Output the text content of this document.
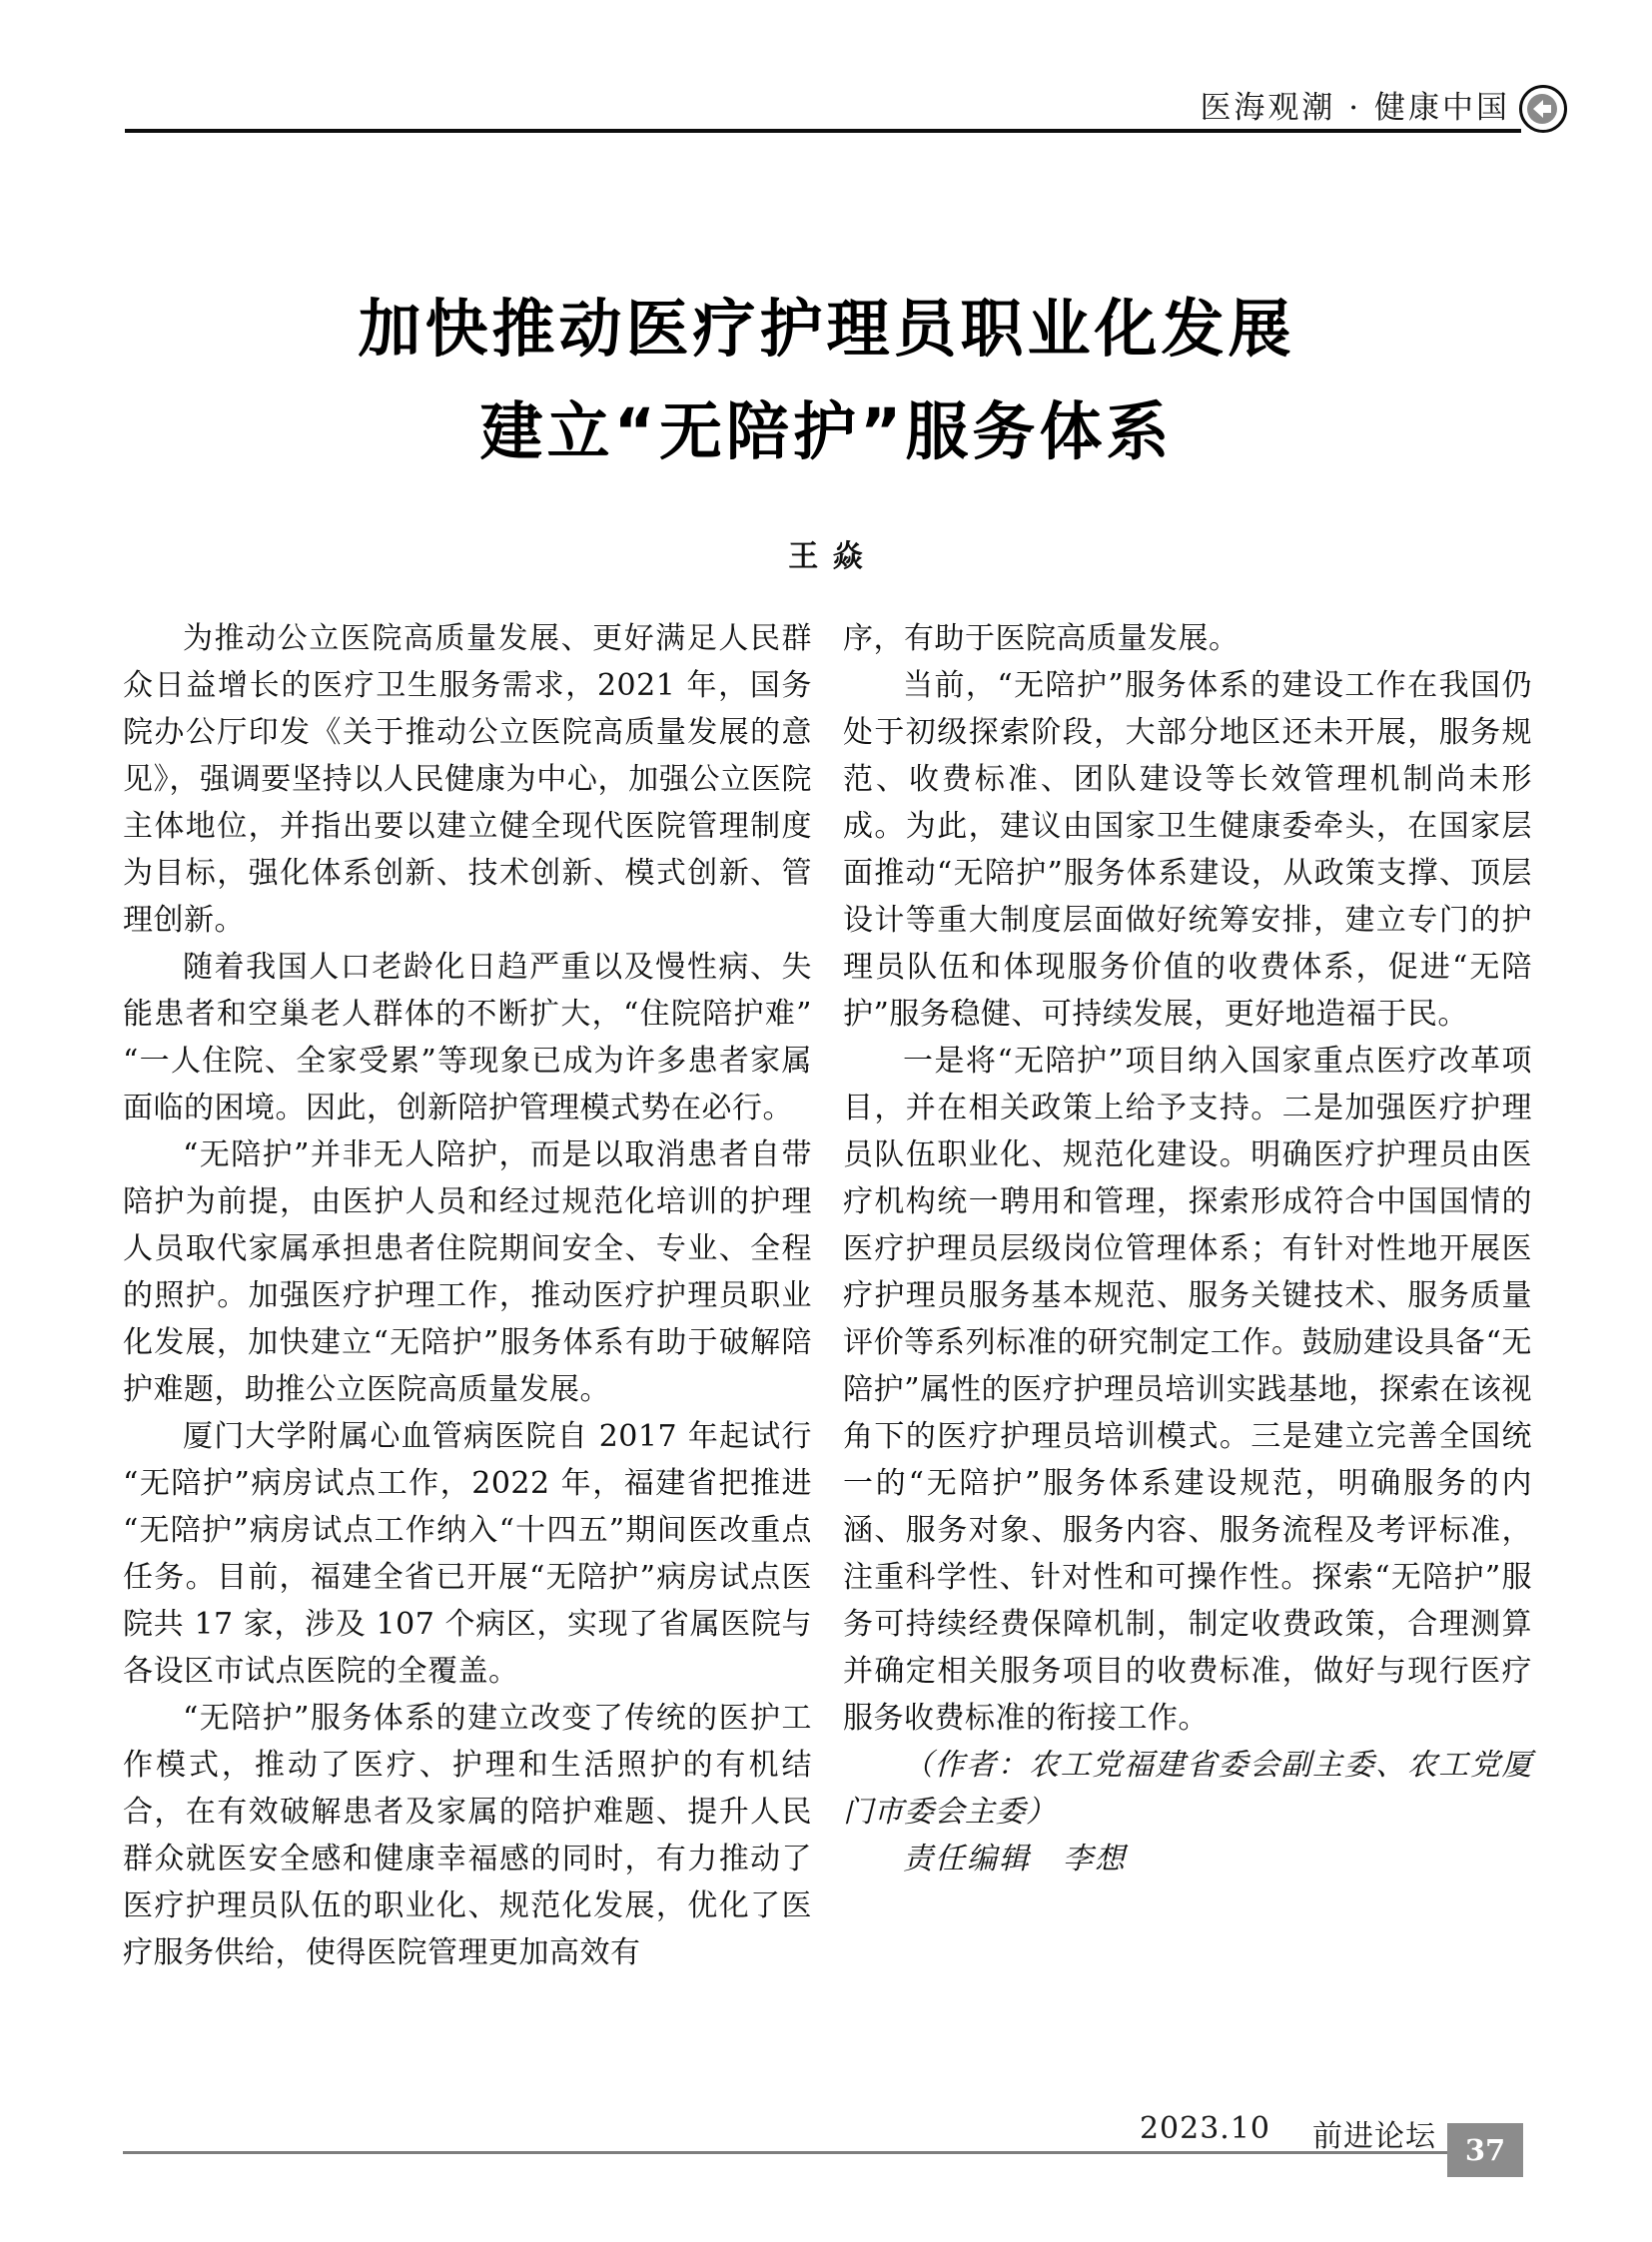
医海观潮 · 健康中国
加快推动医疗护理员职业化发展
建立“无陪护”服务体系
王 焱

为推动公立医院高质量发展、更好满足人民群众日益增长的医疗卫生服务需求，2021 年，国务院办公厅印发《关于推动公立医院高质量发展的意见》，强调要坚持以人民健康为中心，加强公立医院主体地位，并指出要以建立健全现代医院管理制度为目标，强化体系创新、技术创新、模式创新、管理创新。

随着我国人口老龄化日趋严重以及慢性病、失能患者和空巢老人群体的不断扩大，“住院陪护难”“一人住院、全家受累”等现象已成为许多患者家属面临的困境。因此，创新陪护管理模式势在必行。

“无陪护”并非无人陪护，而是以取消患者自带陪护为前提，由医护人员和经过规范化培训的护理人员取代家属承担患者住院期间安全、专业、全程的照护。加强医疗护理工作，推动医疗护理员职业化发展，加快建立“无陪护”服务体系有助于破解陪护难题，助推公立医院高质量发展。

厦门大学附属心血管病医院自 2017 年起试行“无陪护”病房试点工作，2022 年，福建省把推进“无陪护”病房试点工作纳入“十四五”期间医改重点任务。目前，福建全省已开展“无陪护”病房试点医院共 17 家，涉及 107 个病区，实现了省属医院与各设区市试点医院的全覆盖。

“无陪护”服务体系的建立改变了传统的医护工作模式，推动了医疗、护理和生活照护的有机结合，在有效破解患者及家属的陪护难题、提升人民群众就医安全感和健康幸福感的同时，有力推动了医疗护理员队伍的职业化、规范化发展，优化了医疗服务供给，使得医院管理更加高效有

序，有助于医院高质量发展。

当前，“无陪护”服务体系的建设工作在我国仍处于初级探索阶段，大部分地区还未开展，服务规范、收费标准、团队建设等长效管理机制尚未形成。为此，建议由国家卫生健康委牵头，在国家层面推动“无陪护”服务体系建设，从政策支撑、顶层设计等重大制度层面做好统筹安排，建立专门的护理员队伍和体现服务价值的收费体系，促进“无陪护”服务稳健、可持续发展，更好地造福于民。

一是将“无陪护”项目纳入国家重点医疗改革项目，并在相关政策上给予支持。二是加强医疗护理员队伍职业化、规范化建设。明确医疗护理员由医疗机构统一聘用和管理，探索形成符合中国国情的医疗护理员层级岗位管理体系；有针对性地开展医疗护理员服务基本规范、服务关键技术、服务质量评价等系列标准的研究制定工作。鼓励建设具备“无陪护”属性的医疗护理员培训实践基地，探索在该视角下的医疗护理员培训模式。三是建立完善全国统一的“无陪护”服务体系建设规范，明确服务的内涵、服务对象、服务内容、服务流程及考评标准，注重科学性、针对性和可操作性。探索“无陪护”服务可持续经费保障机制，制定收费政策，合理测算并确定相关服务项目的收费标准，做好与现行医疗服务收费标准的衔接工作。

（作者：农工党福建省委会副主委、农工党厦门市委会主委）

责任编辑　李想

2023.10 前进论坛 37
